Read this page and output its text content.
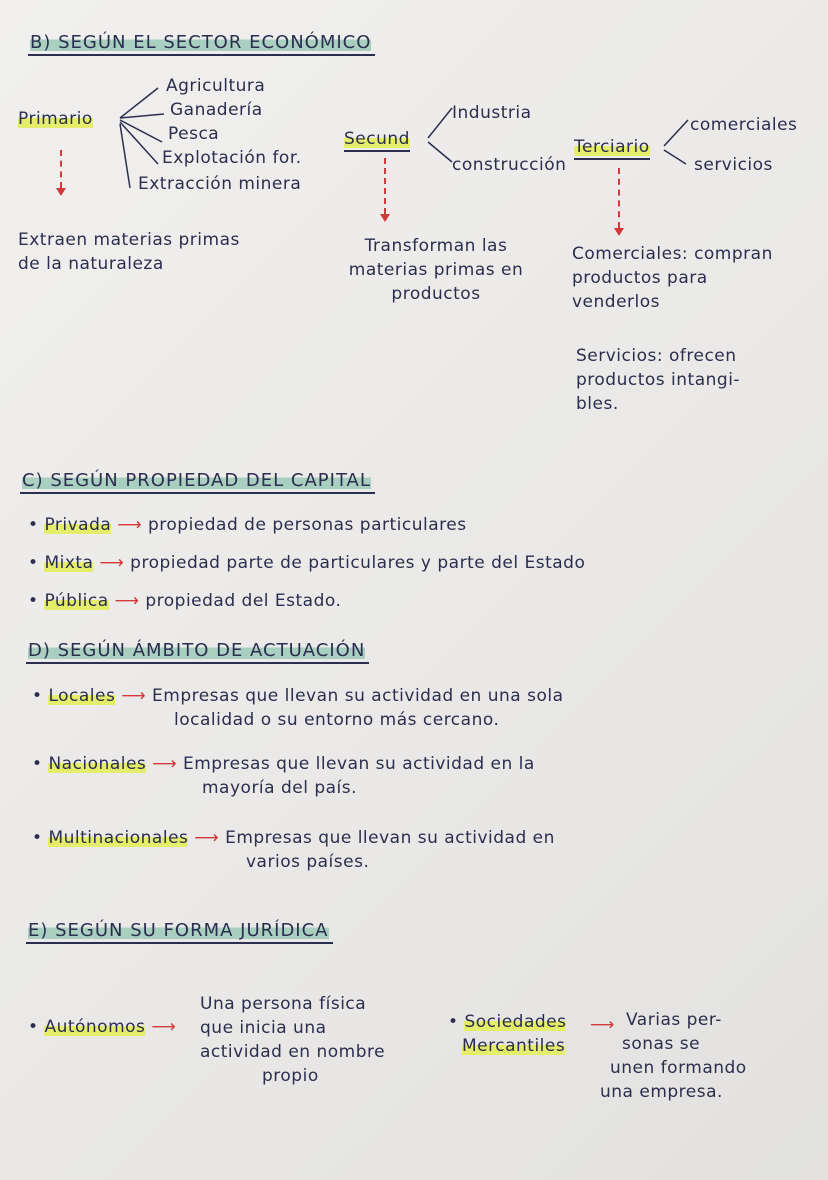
B) SEGÚN EL SECTOR ECONÓMICO
Primario
Agricultura
Ganadería
Pesca
Explotación for.
Extracción minera
Extraen materias primas
de la naturaleza
Secund
Industria
construcción
Transforman las
materias primas en
productos
Terciario
comerciales
servicios
Comerciales: compran
productos para
venderlos
Servicios: ofrecen
productos intangi-
bles.
C) SEGÚN PROPIEDAD DEL CAPITAL
• Privada ⟶ propiedad de personas particulares
• Mixta ⟶ propiedad parte de particulares y parte del Estado
• Pública ⟶ propiedad del Estado.
D) SEGÚN ÁMBITO DE ACTUACIÓN
• Locales ⟶ Empresas que llevan su actividad en una sola
localidad o su entorno más cercano.
• Nacionales ⟶ Empresas que llevan su actividad en la
mayoría del país.
• Multinacionales ⟶ Empresas que llevan su actividad en
varios países.
E) SEGÚN SU FORMA JURÍDICA
• Autónomos ⟶
Una persona física
que inicia una
actividad en nombre
propio
• Sociedades
Mercantiles
⟶ Varias per-
sonas se
unen formando
una empresa.
